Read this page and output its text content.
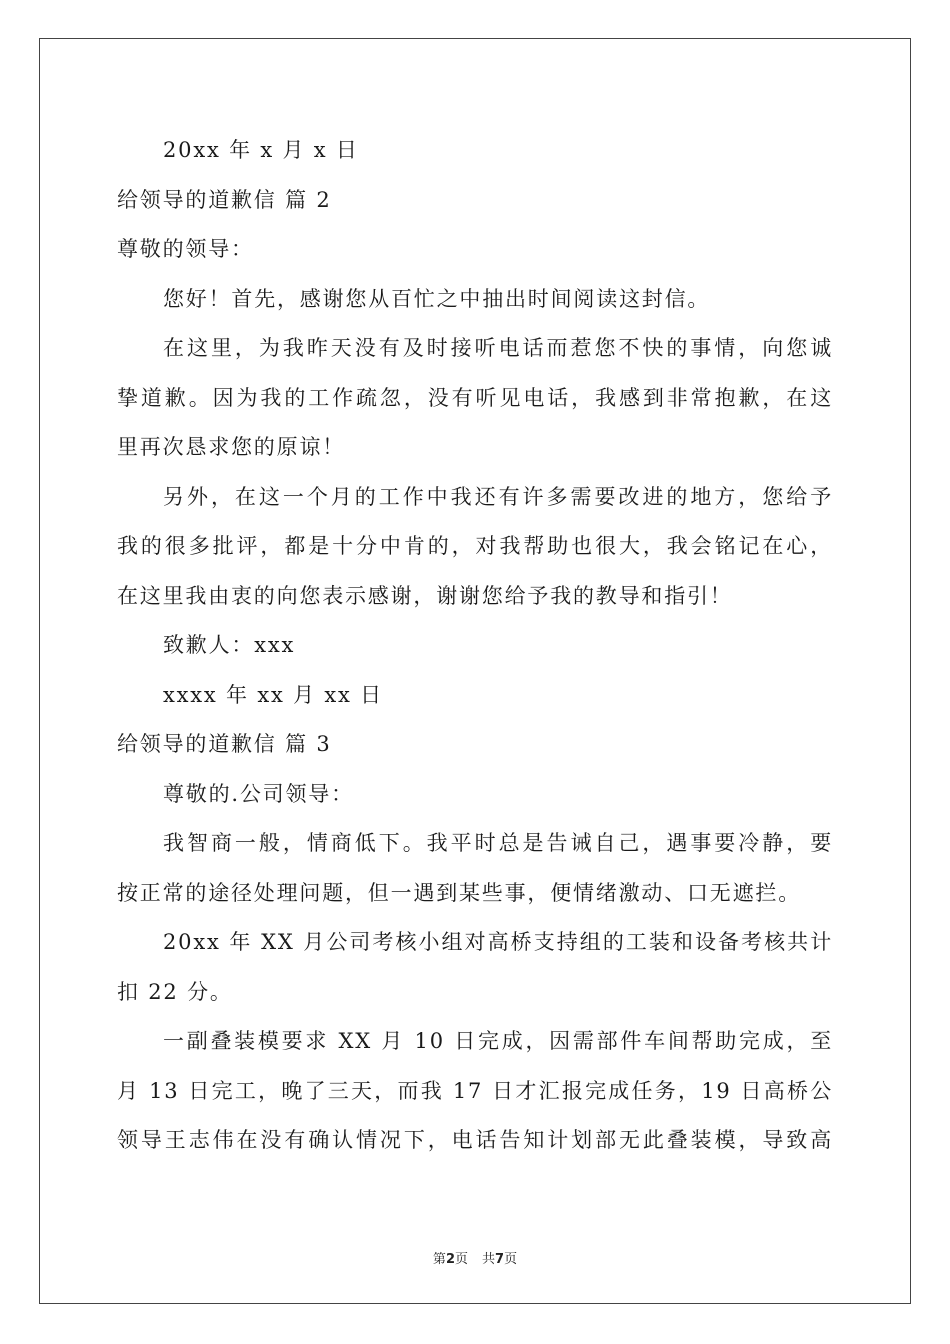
20xx 年 x 月 x 日
给领导的道歉信 篇 2
尊敬的领导：
您好！首先，感谢您从百忙之中抽出时间阅读这封信。
在这里，为我昨天没有及时接听电话而惹您不快的事情，向您诚
挚道歉。因为我的工作疏忽，没有听见电话，我感到非常抱歉，在这
里再次恳求您的原谅！
另外，在这一个月的工作中我还有许多需要改进的地方，您给予
我的很多批评，都是十分中肯的，对我帮助也很大，我会铭记在心，
在这里我由衷的向您表示感谢，谢谢您给予我的教导和指引！
致歉人：xxx
xxxx 年 xx 月 xx 日
给领导的道歉信 篇 3
尊敬的.公司领导：
我智商一般，情商低下。我平时总是告诫自己，遇事要冷静，要
按正常的途径处理问题，但一遇到某些事，便情绪激动、口无遮拦。
20xx 年 XX 月公司考核小组对高桥支持组的工装和设备考核共计
扣 22 分。
一副叠装模要求 XX 月 10 日完成，因需部件车间帮助完成，至
月 13 日完工，晚了三天，而我 17 日才汇报完成任务，19 日高桥公
领导王志伟在没有确认情况下，电话告知计划部无此叠装模，导致高
第2页 共7页
